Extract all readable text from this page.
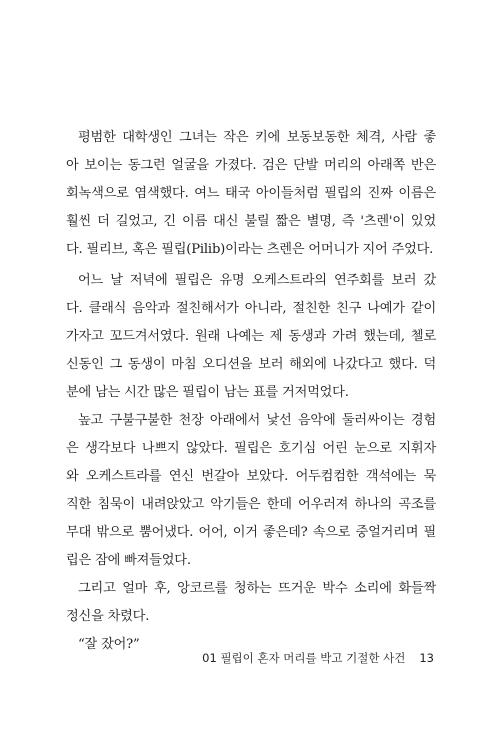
평범한 대학생인 그녀는 작은 키에 보동보동한 체격, 사람 좋
아 보이는 동그런 얼굴을 가졌다. 검은 단발 머리의 아래쪽 반은
회녹색으로 염색했다. 여느 태국 아이들처럼 필립의 진짜 이름은
훨씬 더 길었고, 긴 이름 대신 불릴 짧은 별명, 즉 '츠렌'이 있었
다. 필리브, 혹은 필립(Pilib)이라는 츠렌은 어머니가 지어 주었다.
어느 날 저녁에 필립은 유명 오케스트라의 연주회를 보러 갔
다. 클래식 음악과 절친해서가 아니라, 절친한 친구 나예가 같이
가자고 꼬드겨서였다. 원래 나예는 제 동생과 가려 했는데, 첼로
신동인 그 동생이 마침 오디션을 보러 해외에 나갔다고 했다. 덕
분에 남는 시간 많은 필립이 남는 표를 거저먹었다.
높고 구불구불한 천장 아래에서 낯선 음악에 둘러싸이는 경험
은 생각보다 나쁘지 않았다. 필립은 호기심 어린 눈으로 지휘자
와 오케스트라를 연신 번갈아 보았다. 어두컴컴한 객석에는 묵
직한 침묵이 내려앉았고 악기들은 한데 어우러져 하나의 곡조를
무대 밖으로 뿜어냈다. 어어, 이거 좋은데? 속으로 중얼거리며 필
립은 잠에 빠져들었다.
그리고 얼마 후, 앙코르를 청하는 뜨거운 박수 소리에 화들짝
정신을 차렸다.
“잘 잤어?”
01 필립이 혼자 머리를 박고 기절한 사건 13
